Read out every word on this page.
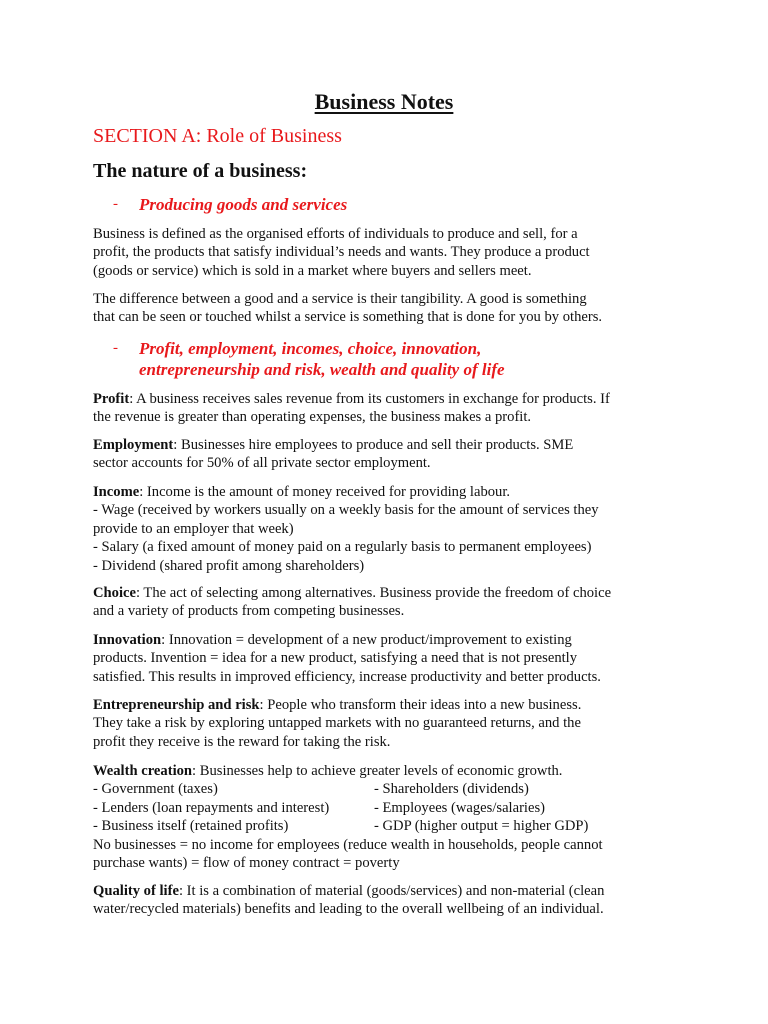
Business Notes
SECTION A: Role of Business
The nature of a business:
- Producing goods and services

Business is defined as the organised efforts of individuals to produce and sell, for a
profit, the products that satisfy individual’s needs and wants. They produce a product
(goods or service) which is sold in a market where buyers and sellers meet.

The difference between a good and a service is their tangibility. A good is something
that can be seen or touched whilst a service is something that is done for you by others.

- Profit, employment, incomes, choice, innovation,
entrepreneurship and risk, wealth and quality of life

Profit: A business receives sales revenue from its customers in exchange for products. If
the revenue is greater than operating expenses, the business makes a profit.

Employment: Businesses hire employees to produce and sell their products. SME
sector accounts for 50% of all private sector employment.

Income: Income is the amount of money received for providing labour.
- Wage (received by workers usually on a weekly basis for the amount of services they
provide to an employer that week)
- Salary (a fixed amount of money paid on a regularly basis to permanent employees)
- Dividend (shared profit among shareholders)

Choice: The act of selecting among alternatives. Business provide the freedom of choice
and a variety of products from competing businesses.

Innovation: Innovation = development of a new product/improvement to existing
products. Invention = idea for a new product, satisfying a need that is not presently
satisfied. This results in improved efficiency, increase productivity and better products.

Entrepreneurship and risk: People who transform their ideas into a new business.
They take a risk by exploring untapped markets with no guaranteed returns, and the
profit they receive is the reward for taking the risk.

Wealth creation: Businesses help to achieve greater levels of economic growth.
- Government (taxes)	- Shareholders (dividends)
- Lenders (loan repayments and interest)	- Employees (wages/salaries)
- Business itself (retained profits)	- GDP (higher output = higher GDP)
No businesses = no income for employees (reduce wealth in households, people cannot
purchase wants) = flow of money contract = poverty

Quality of life: It is a combination of material (goods/services) and non-material (clean
water/recycled materials) benefits and leading to the overall wellbeing of an individual.
